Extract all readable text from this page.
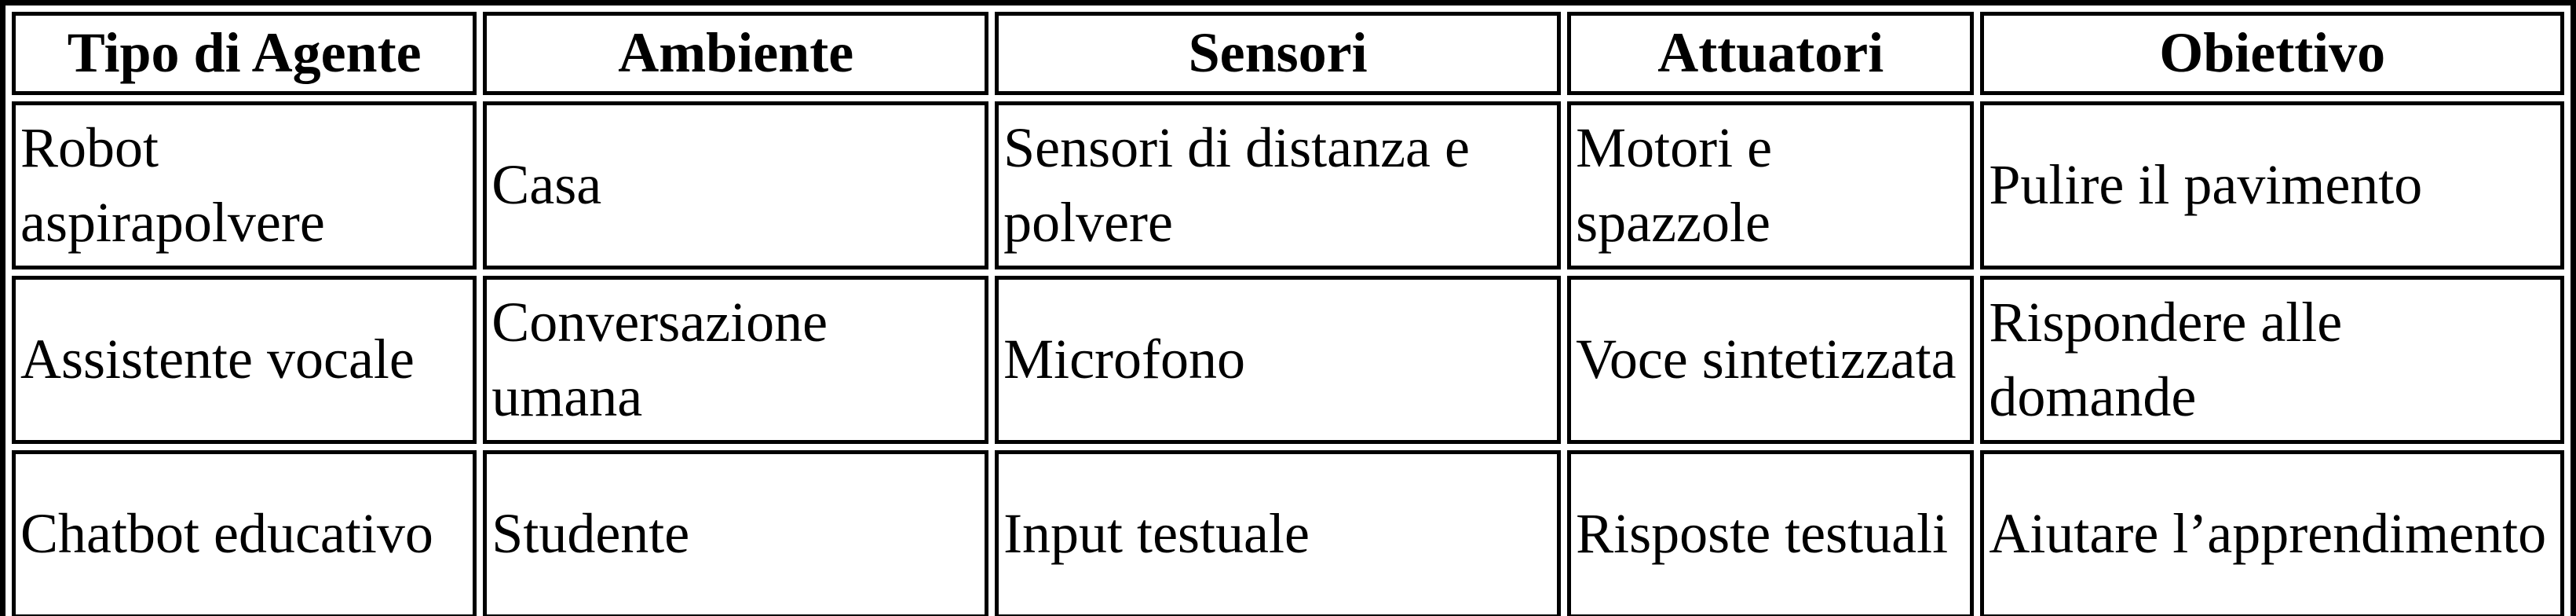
Tipo di Agente	Ambiente	Sensori	Attuatori	Obiettivo
Robot aspirapolvere	Casa	Sensori di distanza e polvere	Motori e spazzole	Pulire il pavimento
Assistente vocale	Conversazione umana	Microfono	Voce sintetizzata	Rispondere alle domande
Chatbot educativo	Studente	Input testuale	Risposte testuali	Aiutare l’apprendimento
